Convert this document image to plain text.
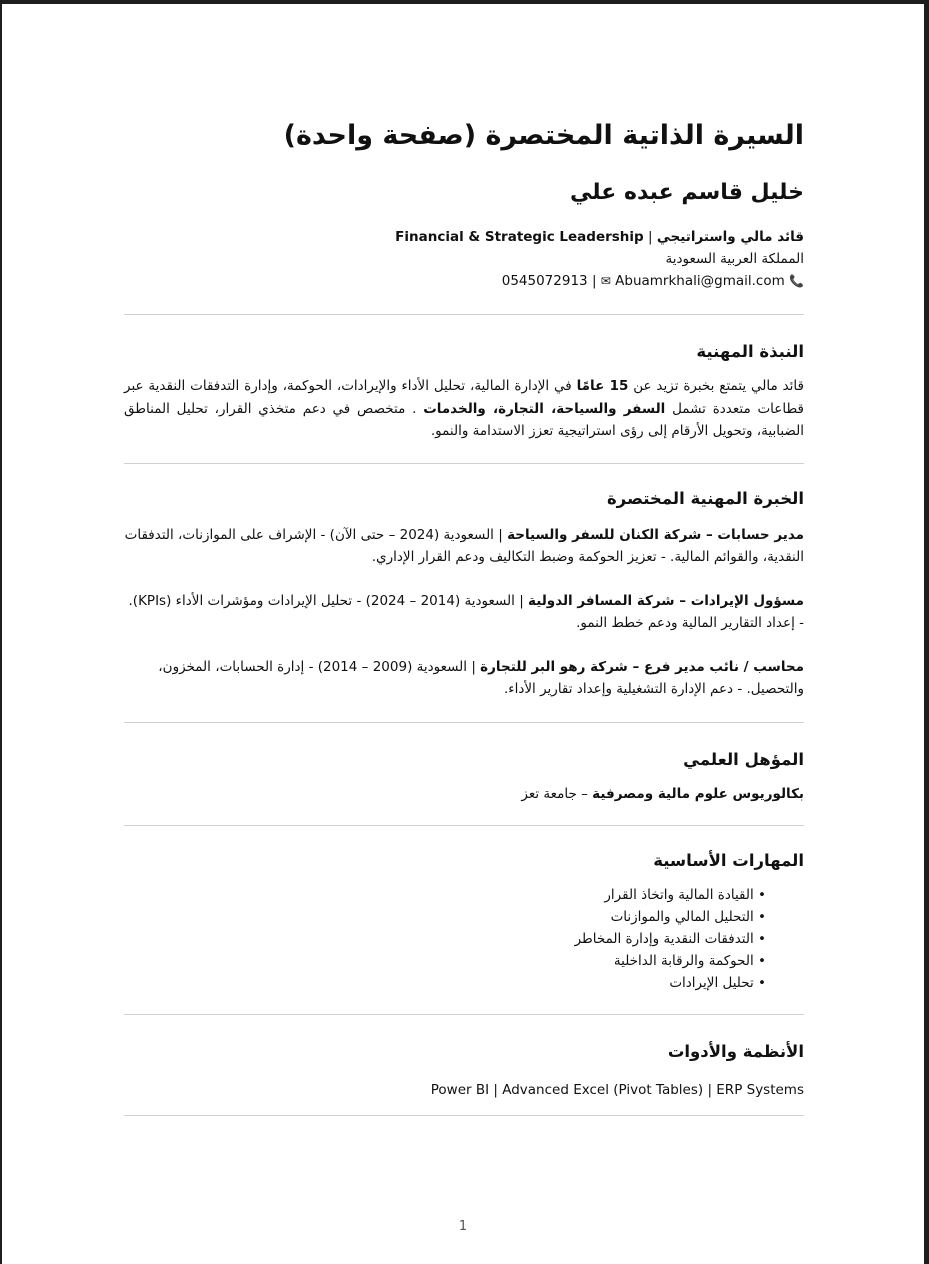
السيرة الذاتية المختصرة (صفحة واحدة)
خليل قاسم عبده علي
قائد مالي واستراتيجي | Financial & Strategic Leadership
المملكة العربية السعودية
📞 0545072913 | ✉ Abuamrkhali@gmail.com
النبذة المهنية
قائد مالي يتمتع بخبرة تزيد عن 15 عامًا في الإدارة المالية، تحليل الأداء والإيرادات، الحوكمة، وإدارة التدفقات النقدية عبر قطاعات متعددة تشمل السفر والسياحة، التجارة، والخدمات . متخصص في دعم متخذي القرار، تحليل المناطق الضبابية، وتحويل الأرقام إلى رؤى استراتيجية تعزز الاستدامة والنمو.
الخبرة المهنية المختصرة
مدير حسابات – شركة الكنان للسفر والسياحة | السعودية (2024 – حتى الآن) - الإشراف على الموازنات، التدفقات النقدية، والقوائم المالية. - تعزيز الحوكمة وضبط التكاليف ودعم القرار الإداري.
مسؤول الإيرادات – شركة المسافر الدولية | السعودية (2014 – 2024) - تحليل الإيرادات ومؤشرات الأداء (KPIs). - إعداد التقارير المالية ودعم خطط النمو.
محاسب / نائب مدير فرع – شركة رهو البر للتجارة | السعودية (2009 – 2014) - إدارة الحسابات، المخزون، والتحصيل. - دعم الإدارة التشغيلية وإعداد تقارير الأداء.
المؤهل العلمي
بكالوريوس علوم مالية ومصرفية – جامعة تعز
المهارات الأساسية
• القيادة المالية واتخاذ القرار
• التحليل المالي والموازنات
• التدفقات النقدية وإدارة المخاطر
• الحوكمة والرقابة الداخلية
• تحليل الإيرادات
الأنظمة والأدوات
Power BI | Advanced Excel (Pivot Tables) | ERP Systems
1
